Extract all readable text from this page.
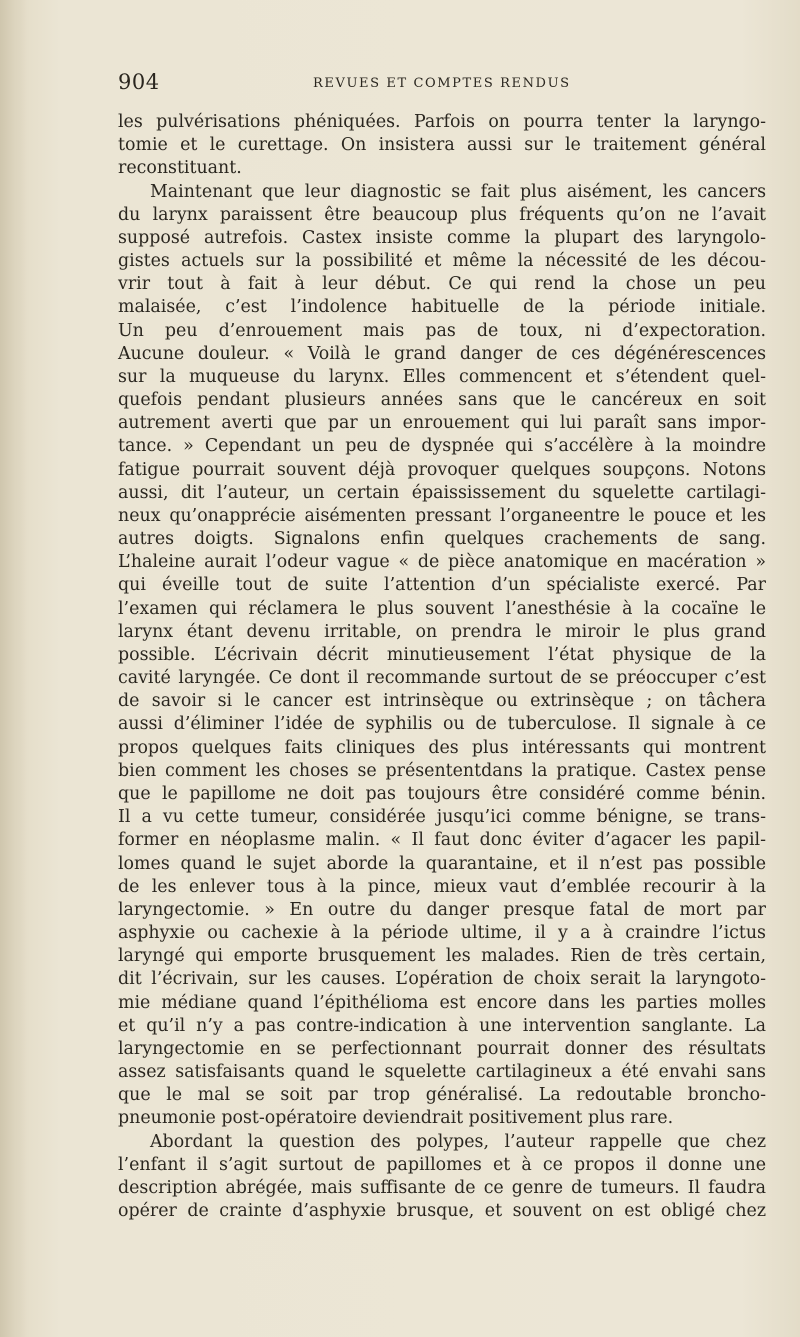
904	REVUES ET COMPTES RENDUS
les pulvérisations phéniquées. Parfois on pourra tenter la laryngo-
tomie et le curettage. On insistera aussi sur le traitement général
reconstituant.
Maintenant que leur diagnostic se fait plus aisément, les cancers
du larynx paraissent être beaucoup plus fréquents qu’on ne l’avait
supposé autrefois. Castex insiste comme la plupart des laryngolo-
gistes actuels sur la possibilité et même la nécessité de les décou-
vrir tout à fait à leur début. Ce qui rend la chose un peu
malaisée, c’est l’indolence habituelle de la période initiale.
Un peu d’enrouement mais pas de toux, ni d’expectoration.
Aucune douleur. « Voilà le grand danger de ces dégénérescences
sur la muqueuse du larynx. Elles commencent et s’étendent quel-
quefois pendant plusieurs années sans que le cancéreux en soit
autrement averti que par un enrouement qui lui paraît sans impor-
tance. » Cependant un peu de dyspnée qui s’accélère à la moindre
fatigue pourrait souvent déjà provoquer quelques soupçons. Notons
aussi, dit l’auteur, un certain épaississement du squelette cartilagi-
neux qu’onapprécie aisémenten pressant l’organeentre le pouce et les
autres doigts. Signalons enfin quelques crachements de sang.
L’haleine aurait l’odeur vague « de pièce anatomique en macération »
qui éveille tout de suite l’attention d’un spécialiste exercé. Par
l’examen qui réclamera le plus souvent l’anesthésie à la cocaïne le
larynx étant devenu irritable, on prendra le miroir le plus grand
possible. L’écrivain décrit minutieusement l’état physique de la
cavité laryngée. Ce dont il recommande surtout de se préoccuper c’est
de savoir si le cancer est intrinsèque ou extrinsèque ; on tâchera
aussi d’éliminer l’idée de syphilis ou de tuberculose. Il signale à ce
propos quelques faits cliniques des plus intéressants qui montrent
bien comment les choses se présententdans la pratique. Castex pense
que le papillome ne doit pas toujours être considéré comme bénin.
Il a vu cette tumeur, considérée jusqu’ici comme bénigne, se trans-
former en néoplasme malin. « Il faut donc éviter d’agacer les papil-
lomes quand le sujet aborde la quarantaine, et il n’est pas possible
de les enlever tous à la pince, mieux vaut d’emblée recourir à la
laryngectomie. » En outre du danger presque fatal de mort par
asphyxie ou cachexie à la période ultime, il y a à craindre l’ictus
laryngé qui emporte brusquement les malades. Rien de très certain,
dit l’écrivain, sur les causes. L’opération de choix serait la laryngoto-
mie médiane quand l’épithélioma est encore dans les parties molles
et qu’il n’y a pas contre-indication à une intervention sanglante. La
laryngectomie en se perfectionnant pourrait donner des résultats
assez satisfaisants quand le squelette cartilagineux a été envahi sans
que le mal se soit par trop généralisé. La redoutable broncho-
pneumonie post-opératoire deviendrait positivement plus rare.
Abordant la question des polypes, l’auteur rappelle que chez
l’enfant il s’agit surtout de papillomes et à ce propos il donne une
description abrégée, mais suffisante de ce genre de tumeurs. Il faudra
opérer de crainte d’asphyxie brusque, et souvent on est obligé chez
